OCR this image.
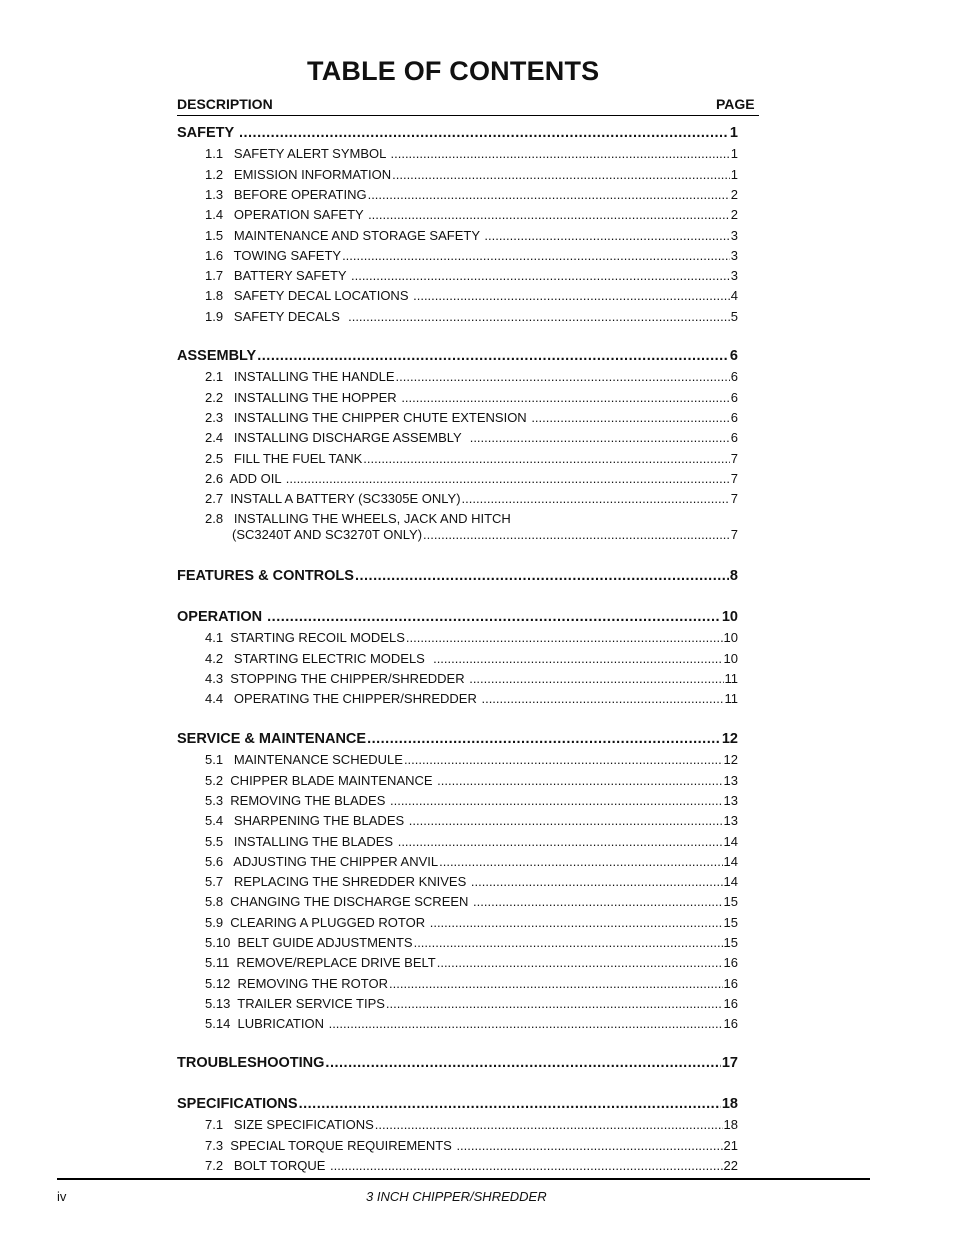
TABLE OF CONTENTS
DESCRIPTION	PAGE
SAFETY .....	1
1.1   SAFETY ALERT SYMBOL .....	1
1.2   EMISSION INFORMATION .....	1
1.3   BEFORE OPERATING .....	2
1.4   OPERATION SAFETY .....	2
1.5   MAINTENANCE AND STORAGE SAFETY .....	3
1.6   TOWING SAFETY .....	3
1.7   BATTERY SAFETY .....	3
1.8   SAFETY DECAL LOCATIONS .....	4
1.9   SAFETY DECALS .....	5
ASSEMBLY .....	6
2.1   INSTALLING THE HANDLE .....	6
2.2   INSTALLING THE HOPPER .....	6
2.3   INSTALLING THE CHIPPER CHUTE EXTENSION .....	6
2.4   INSTALLING DISCHARGE ASSEMBLY .....	6
2.5   FILL THE FUEL TANK .....	7
2.6  ADD OIL .....	7
2.7  INSTALL A BATTERY (SC3305E ONLY) .....	7
2.8   INSTALLING THE WHEELS, JACK AND HITCH
(SC3240T AND SC3270T ONLY) .....	7
FEATURES & CONTROLS .....	8
OPERATION .....	10
4.1  STARTING RECOIL MODELS .....	10
4.2   STARTING ELECTRIC MODELS .....	10
4.3  STOPPING THE CHIPPER/SHREDDER .....	11
4.4   OPERATING THE CHIPPER/SHREDDER .....	11
SERVICE & MAINTENANCE .....	12
5.1   MAINTENANCE SCHEDULE .....	12
5.2  CHIPPER BLADE MAINTENANCE .....	13
5.3  REMOVING THE BLADES .....	13
5.4   SHARPENING THE BLADES .....	13
5.5   INSTALLING THE BLADES .....	14
5.6   ADJUSTING THE CHIPPER ANVIL .....	14
5.7   REPLACING THE SHREDDER KNIVES .....	14
5.8  CHANGING THE DISCHARGE SCREEN .....	15
5.9  CLEARING A PLUGGED ROTOR .....	15
5.10  BELT GUIDE ADJUSTMENTS .....	15
5.11  REMOVE/REPLACE DRIVE BELT .....	16
5.12  REMOVING THE ROTOR .....	16
5.13  TRAILER SERVICE TIPS .....	16
5.14  LUBRICATION .....	16
TROUBLESHOOTING .....	17
SPECIFICATIONS .....	18
7.1   SIZE SPECIFICATIONS .....	18
7.3  SPECIAL TORQUE REQUIREMENTS .....	21
7.2   BOLT TORQUE .....	22
iv	3 INCH CHIPPER/SHREDDER
